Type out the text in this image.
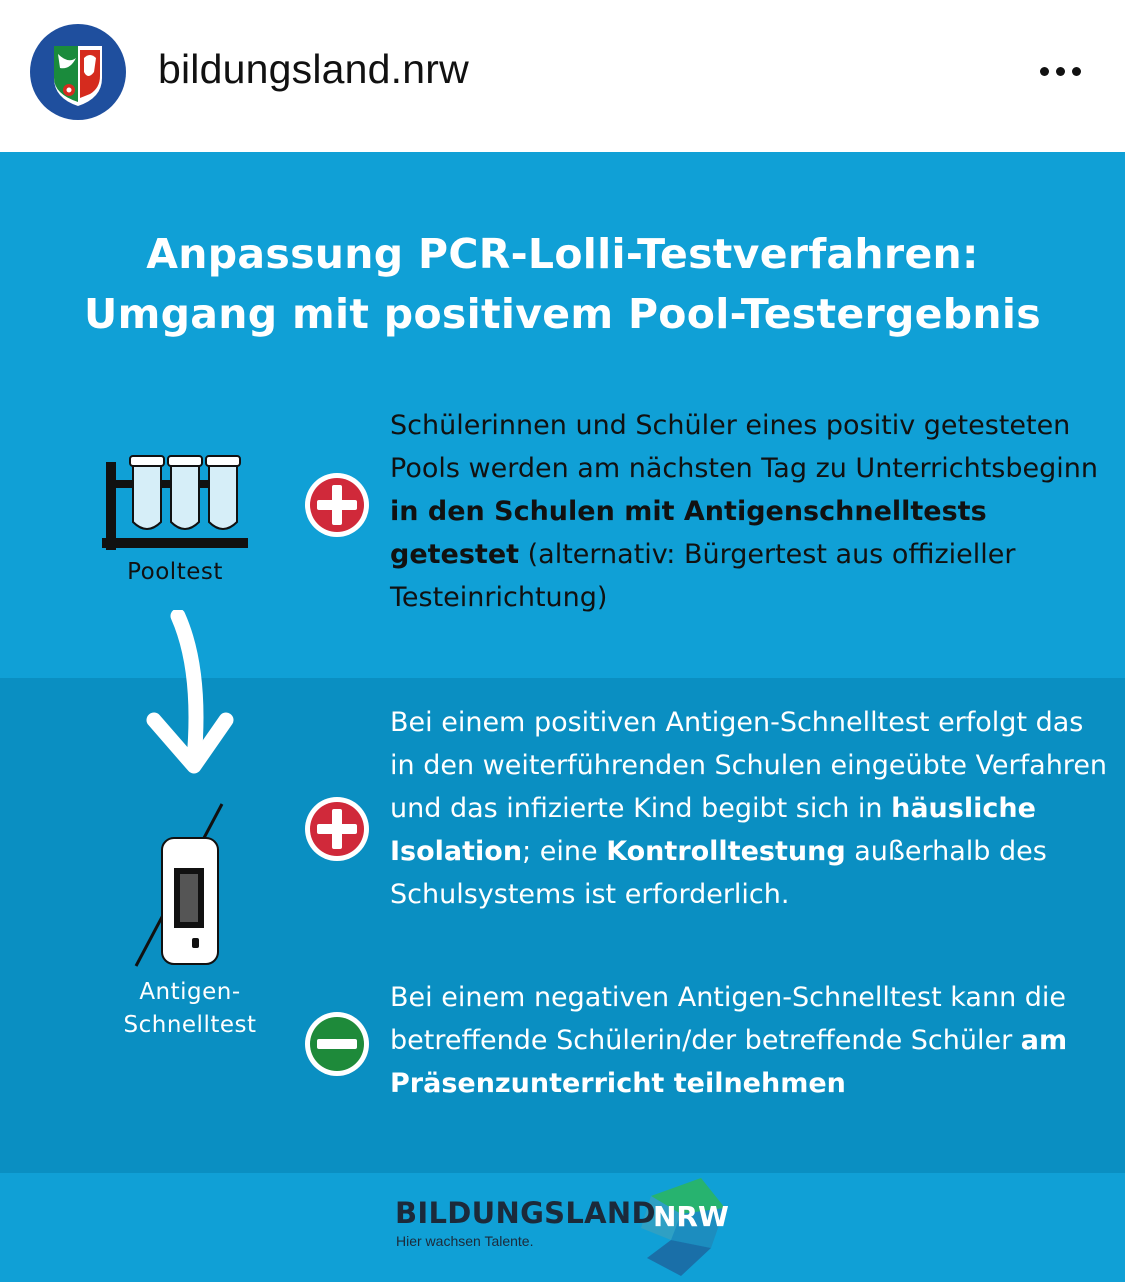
bildungsland.nrw
Anpassung PCR-Lolli-Testverfahren:
Umgang mit positivem Pool-Testergebnis
Pooltest
Antigen-
Schnelltest
Schülerinnen und Schüler eines positiv getesteten Pools werden am nächsten Tag zu Unterrichtsbeginn in den Schulen mit Antigenschnelltests getestet (alternativ: Bürgertest aus offizieller Testeinrichtung)
Bei einem positiven Antigen-Schnelltest erfolgt das in den weiterführenden Schulen eingeübte Verfahren und das infizierte Kind begibt sich in häusliche Isolation; eine Kontrolltestung außerhalb des Schulsystems ist erforderlich.
Bei einem negativen Antigen-Schnelltest kann die betreffende Schülerin/der betreffende Schüler am Präsenzunterricht teilnehmen
BILDUNGSLAND
NRW
Hier wachsen Talente.
